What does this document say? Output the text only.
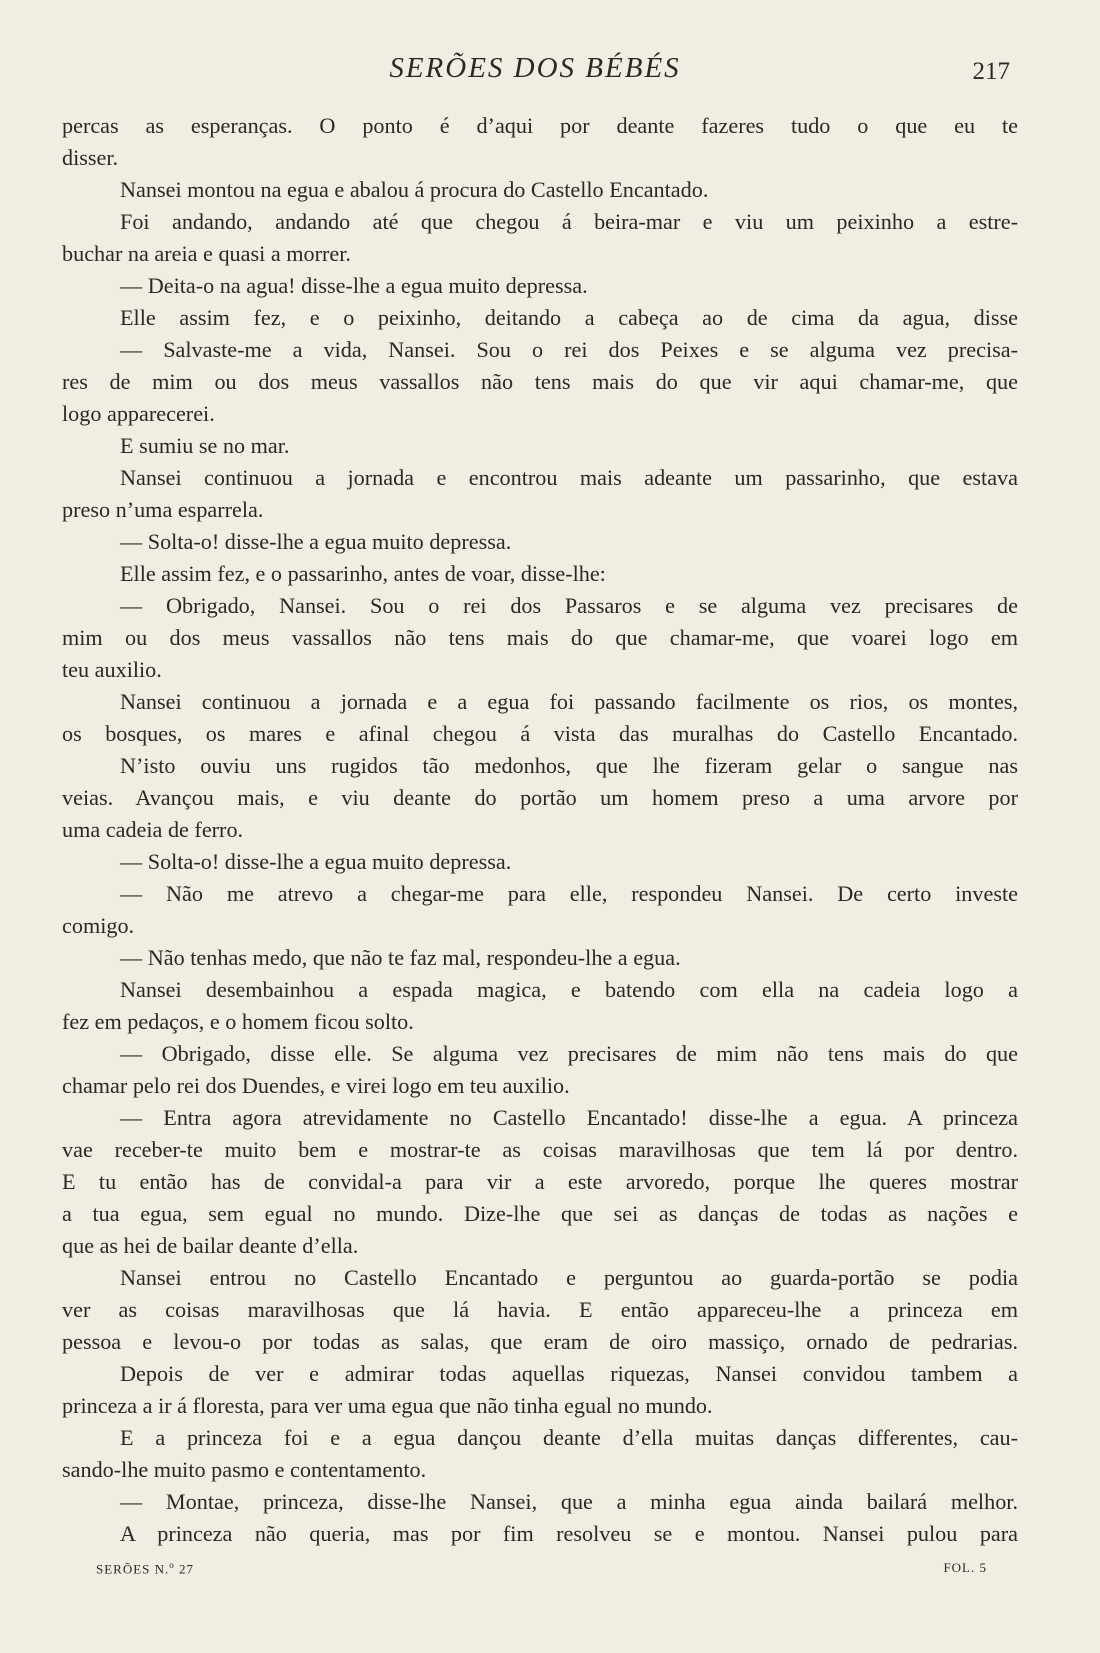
SERÕES DOS BÉBÉS	217
percas as esperanças. O ponto é d’aqui por deante fazeres tudo o que eu te
disser.
Nansei montou na egua e abalou á procura do Castello Encantado.
Foi andando, andando até que chegou á beira-mar e viu um peixinho a estre-
buchar na areia e quasi a morrer.
— Deita-o na agua! disse-lhe a egua muito depressa.
Elle assim fez, e o peixinho, deitando a cabeça ao de cima da agua, disse
— Salvaste-me a vida, Nansei. Sou o rei dos Peixes e se alguma vez precisa-
res de mim ou dos meus vassallos não tens mais do que vir aqui chamar-me, que
logo apparecerei.
E sumiu se no mar.
Nansei continuou a jornada e encontrou mais adeante um passarinho, que estava
preso n’uma esparrela.
— Solta-o! disse-lhe a egua muito depressa.
Elle assim fez, e o passarinho, antes de voar, disse-lhe:
— Obrigado, Nansei. Sou o rei dos Passaros e se alguma vez precisares de
mim ou dos meus vassallos não tens mais do que chamar-me, que voarei logo em
teu auxilio.
Nansei continuou a jornada e a egua foi passando facilmente os rios, os montes,
os bosques, os mares e afinal chegou á vista das muralhas do Castello Encantado.
N’isto ouviu uns rugidos tão medonhos, que lhe fizeram gelar o sangue nas
veias. Avançou mais, e viu deante do portão um homem preso a uma arvore por
uma cadeia de ferro.
— Solta-o! disse-lhe a egua muito depressa.
— Não me atrevo a chegar-me para elle, respondeu Nansei. De certo investe
comigo.
— Não tenhas medo, que não te faz mal, respondeu-lhe a egua.
Nansei desembainhou a espada magica, e batendo com ella na cadeia logo a
fez em pedaços, e o homem ficou solto.
— Obrigado, disse elle. Se alguma vez precisares de mim não tens mais do que
chamar pelo rei dos Duendes, e virei logo em teu auxilio.
— Entra agora atrevidamente no Castello Encantado! disse-lhe a egua. A princeza
vae receber-te muito bem e mostrar-te as coisas maravilhosas que tem lá por dentro.
E tu então has de convidal-a para vir a este arvoredo, porque lhe queres mostrar
a tua egua, sem egual no mundo. Dize-lhe que sei as danças de todas as nações e
que as hei de bailar deante d’ella.
Nansei entrou no Castello Encantado e perguntou ao guarda-portão se podia
ver as coisas maravilhosas que lá havia. E então appareceu-lhe a princeza em
pessoa e levou-o por todas as salas, que eram de oiro massiço, ornado de pedrarias.
Depois de ver e admirar todas aquellas riquezas, Nansei convidou tambem a
princeza a ir á floresta, para ver uma egua que não tinha egual no mundo.
E a princeza foi e a egua dançou deante d’ella muitas danças differentes, cau-
sando-lhe muito pasmo e contentamento.
— Montae, princeza, disse-lhe Nansei, que a minha egua ainda bailará melhor.
A princeza não queria, mas por fim resolveu se e montou. Nansei pulou para
SERÕES N.$^o$ 27	FOL. 5
